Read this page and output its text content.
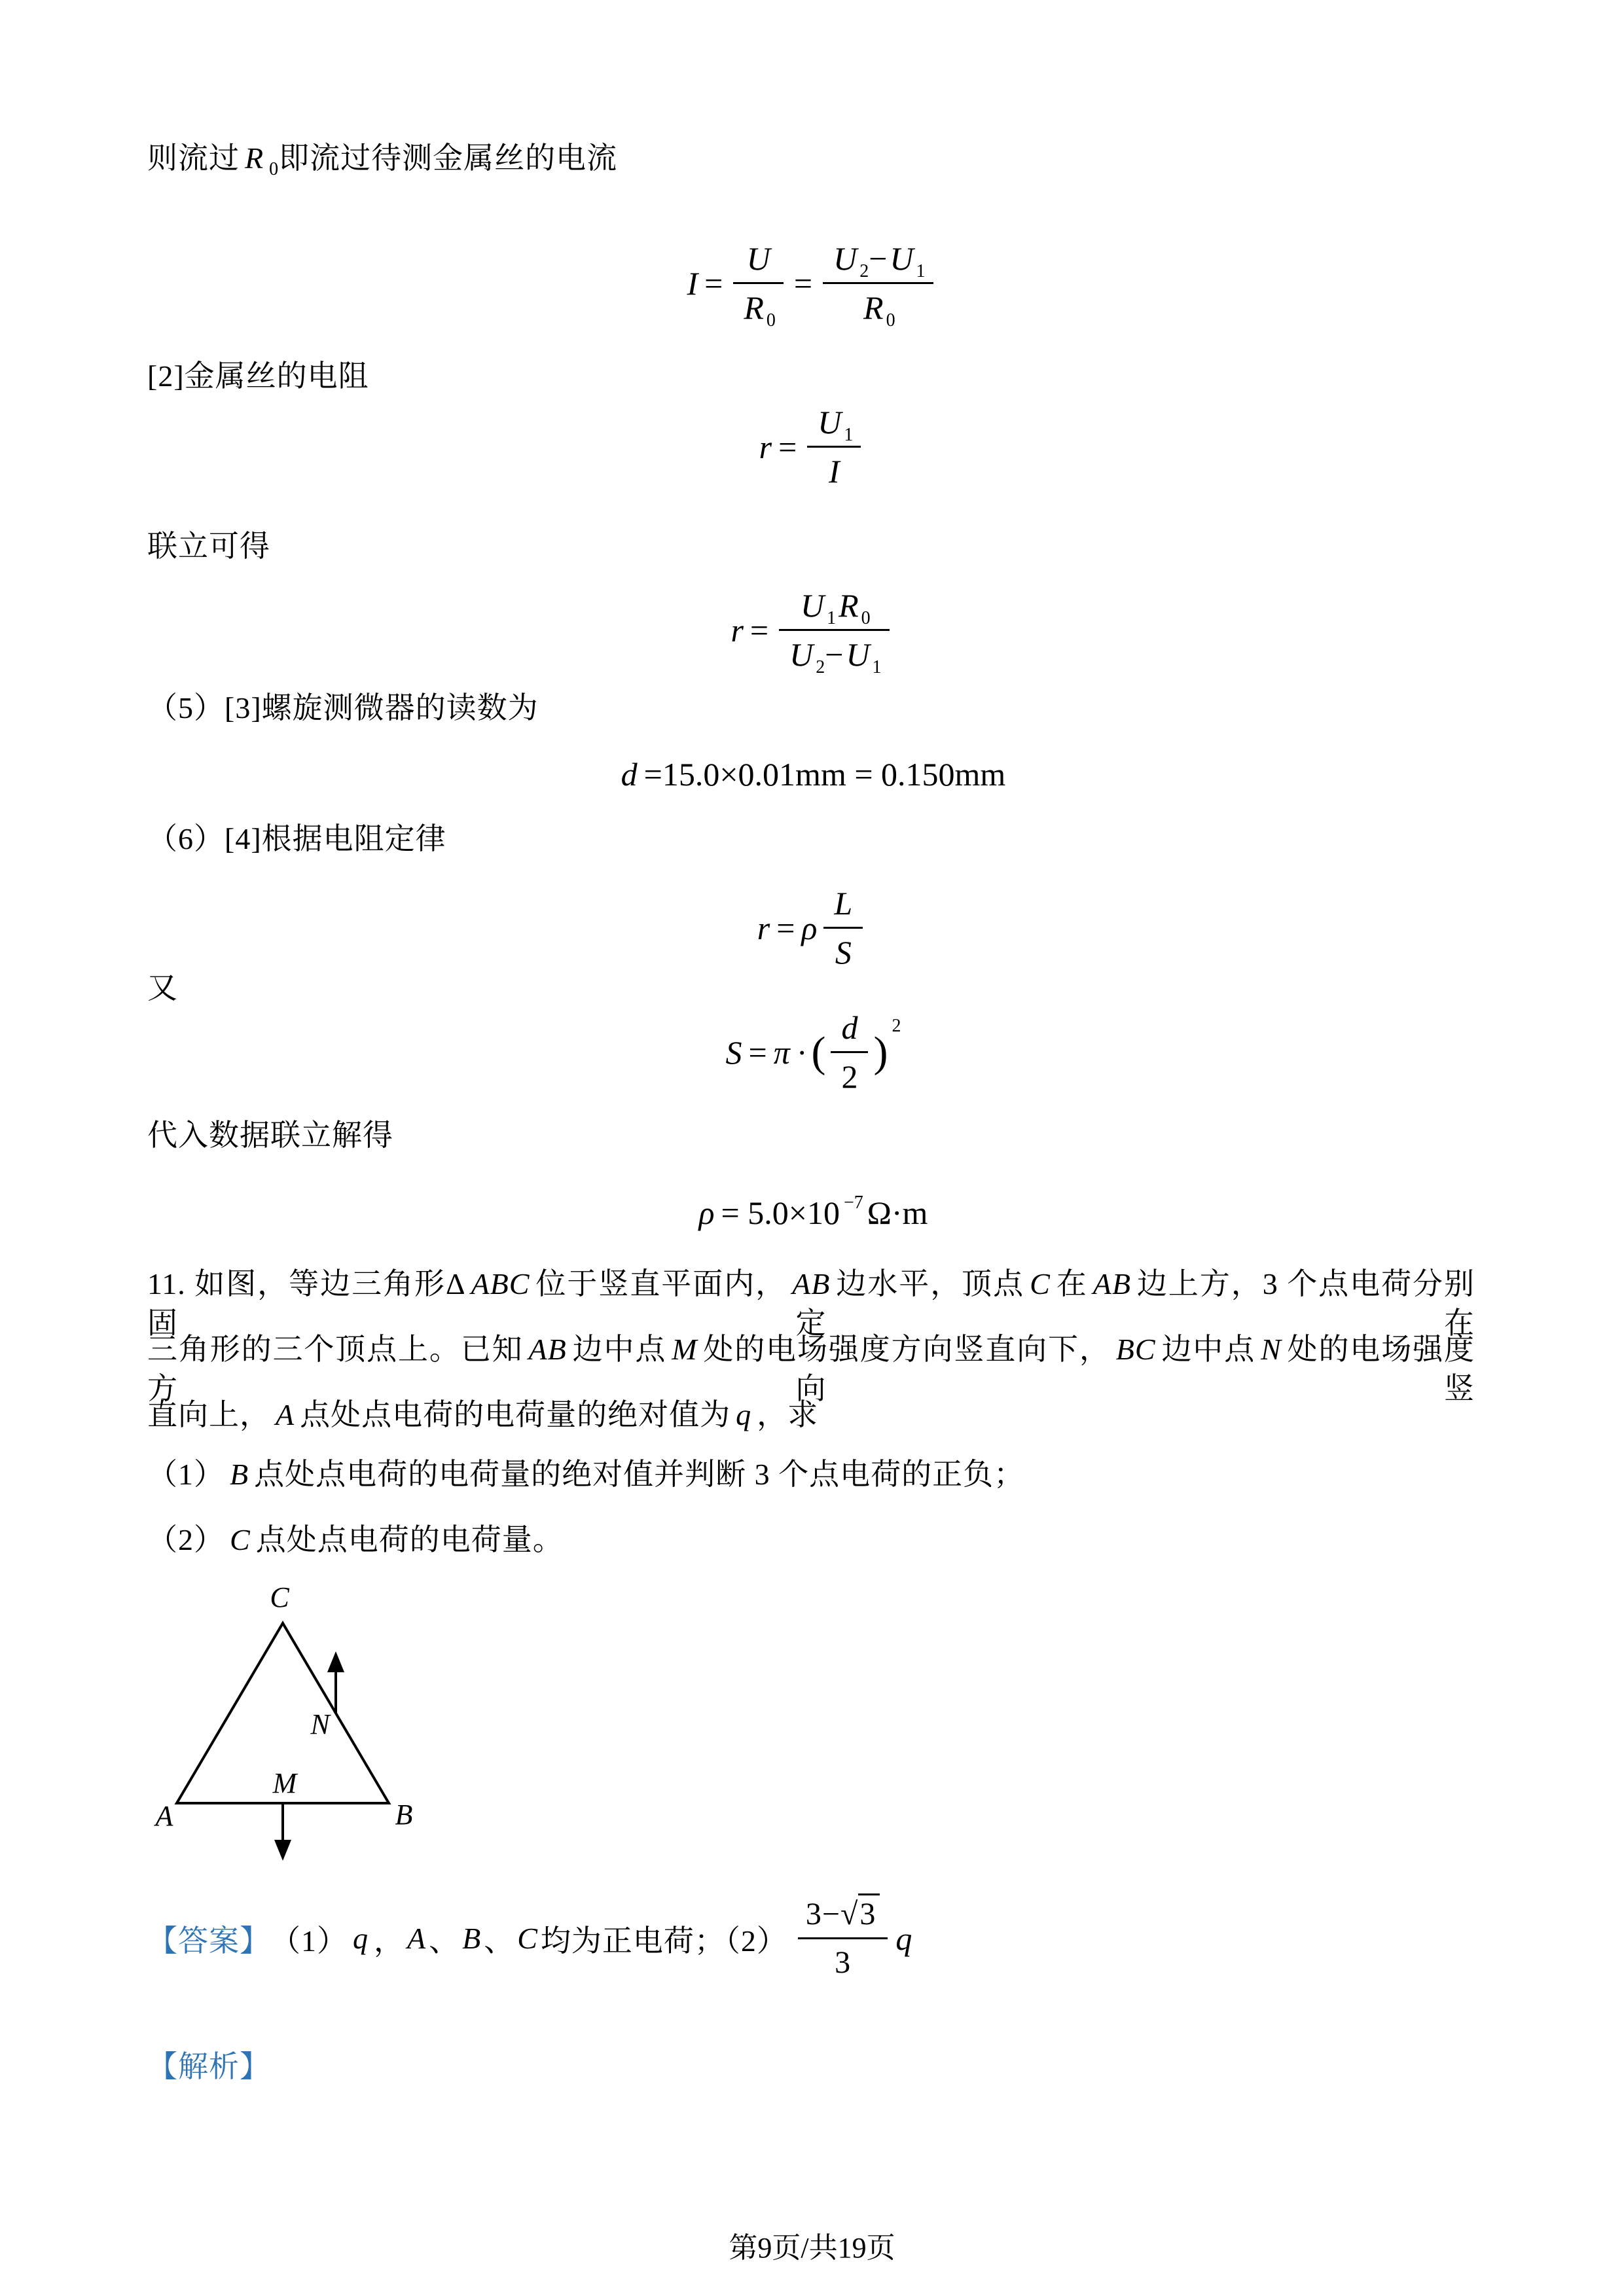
则流过 R $_0$即流过待测金属丝的电流
$I = \frac{U}{R _0} = \frac{U _2-U _1}{R _0}$
[2]金属丝的电阻
$r = \frac{U _1}{I}$
联立可得
$r = \frac{U _1R _0}{U _2-U _1}$
（5）[3]螺旋测微器的读数为
d =15.0×0.01mm = 0.150mm
（6）[4]根据电阻定律
r = ρ $\frac{L}{S}$
又
S = π · ( $\frac{d}{2}$ )
2
代入数据联立解得
ρ = 5.0×10 −7 Ω·m
11. 如图，等边三角形Δ ABC 位于竖直平面内， AB 边水平，顶点 C 在 AB 边上方，3 个点电荷分别固定在
三角形的三个顶点上。已知 AB 边中点 M 处的电场强度方向竖直向下， BC 边中点 N 处的电场强度方向竖
直向上， A 点处点电荷的电荷量的绝对值为 q ，求
（1） B 点处点电荷的电荷量的绝对值并判断 3 个点电荷的正负；
（2） C 点处点电荷的电荷量。
C
A	B
M
N
【答案】 （1） q ， A 、 B 、 C 均为正电荷；$(2) \frac{3-√3}{3}$ q
【解析】
第9页/共19页
